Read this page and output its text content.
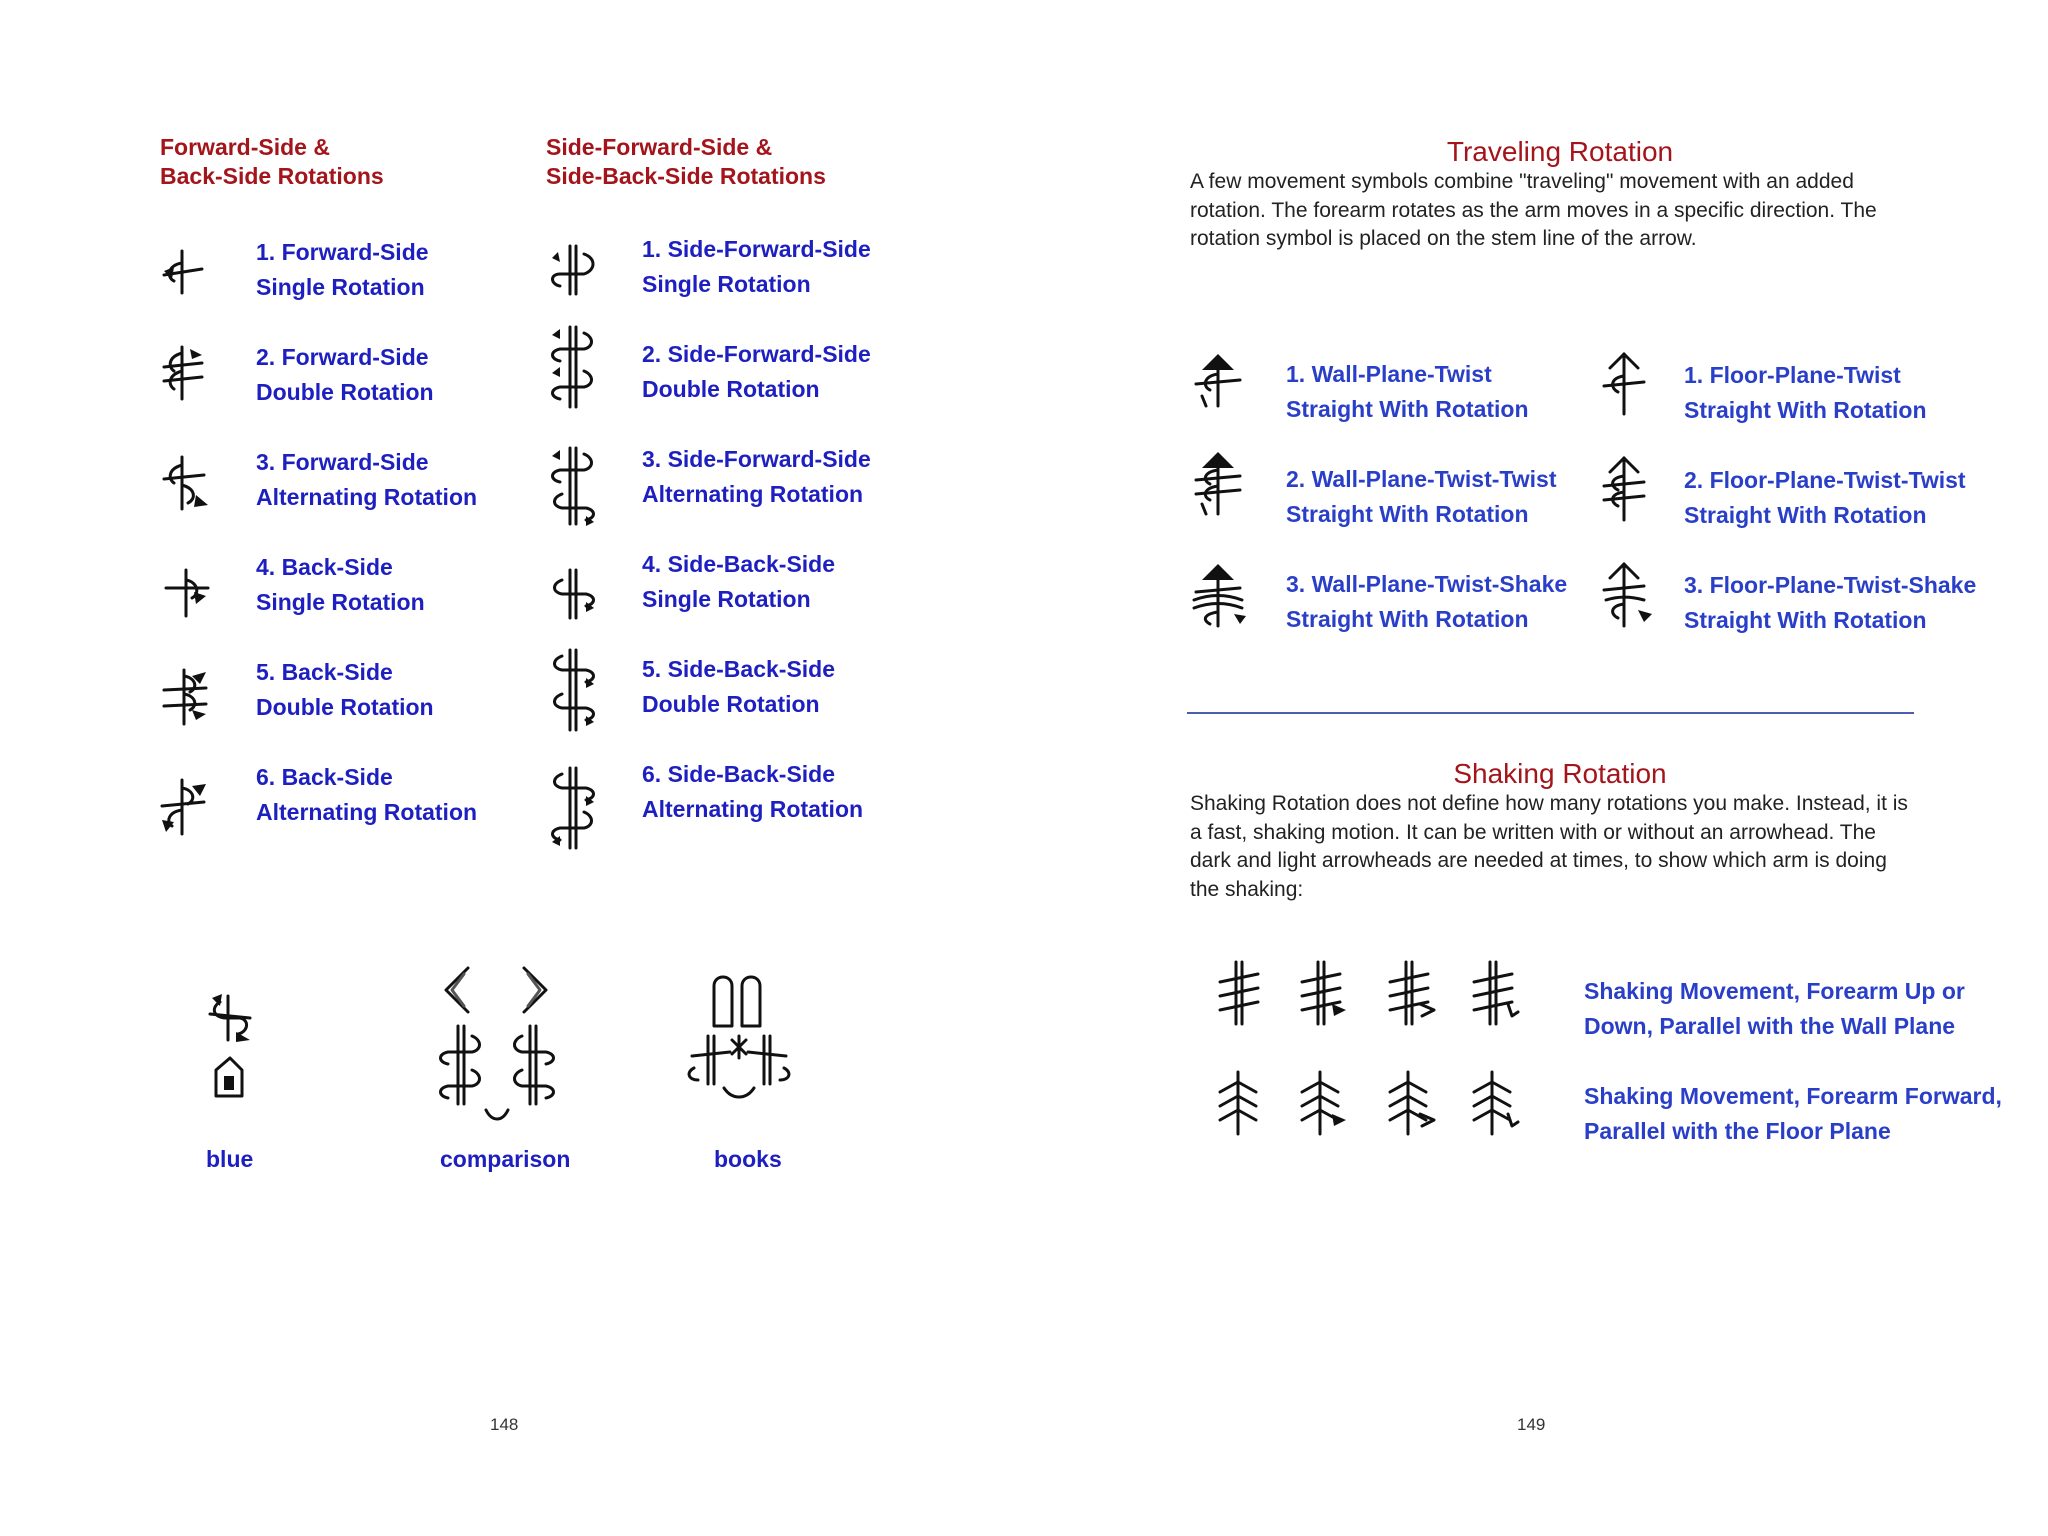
Forward-Side &
Back-Side Rotations
Side-Forward-Side &
Side-Back-Side Rotations
1. Forward-Side
Single Rotation
2. Forward-Side
Double Rotation
3. Forward-Side
Alternating Rotation
4. Back-Side
Single Rotation
5. Back-Side
Double Rotation
6. Back-Side
Alternating Rotation
1. Side-Forward-Side
Single Rotation
2. Side-Forward-Side
Double Rotation
3. Side-Forward-Side
Alternating Rotation
4. Side-Back-Side
Single Rotation
5. Side-Back-Side
Double Rotation
6. Side-Back-Side
Alternating Rotation
blue	comparison	books
148
Traveling Rotation
A few movement symbols combine "traveling" movement with an added rotation. The forearm rotates as the arm moves in a specific direction. The rotation symbol is placed on the stem line of the arrow.
1. Wall-Plane-Twist
Straight With Rotation
2. Wall-Plane-Twist-Twist
Straight With Rotation
3. Wall-Plane-Twist-Shake
Straight With Rotation
1. Floor-Plane-Twist
Straight With Rotation
2. Floor-Plane-Twist-Twist
Straight With Rotation
3. Floor-Plane-Twist-Shake
Straight With Rotation
Shaking Rotation
Shaking Rotation does not define how many rotations you make. Instead, it is a fast, shaking motion. It can be written with or without an arrowhead. The dark and light arrowheads are needed at times, to show which arm is doing the shaking:
Shaking Movement, Forearm Up or
Down, Parallel with the Wall Plane
Shaking Movement, Forearm Forward,
Parallel with the Floor Plane
149
